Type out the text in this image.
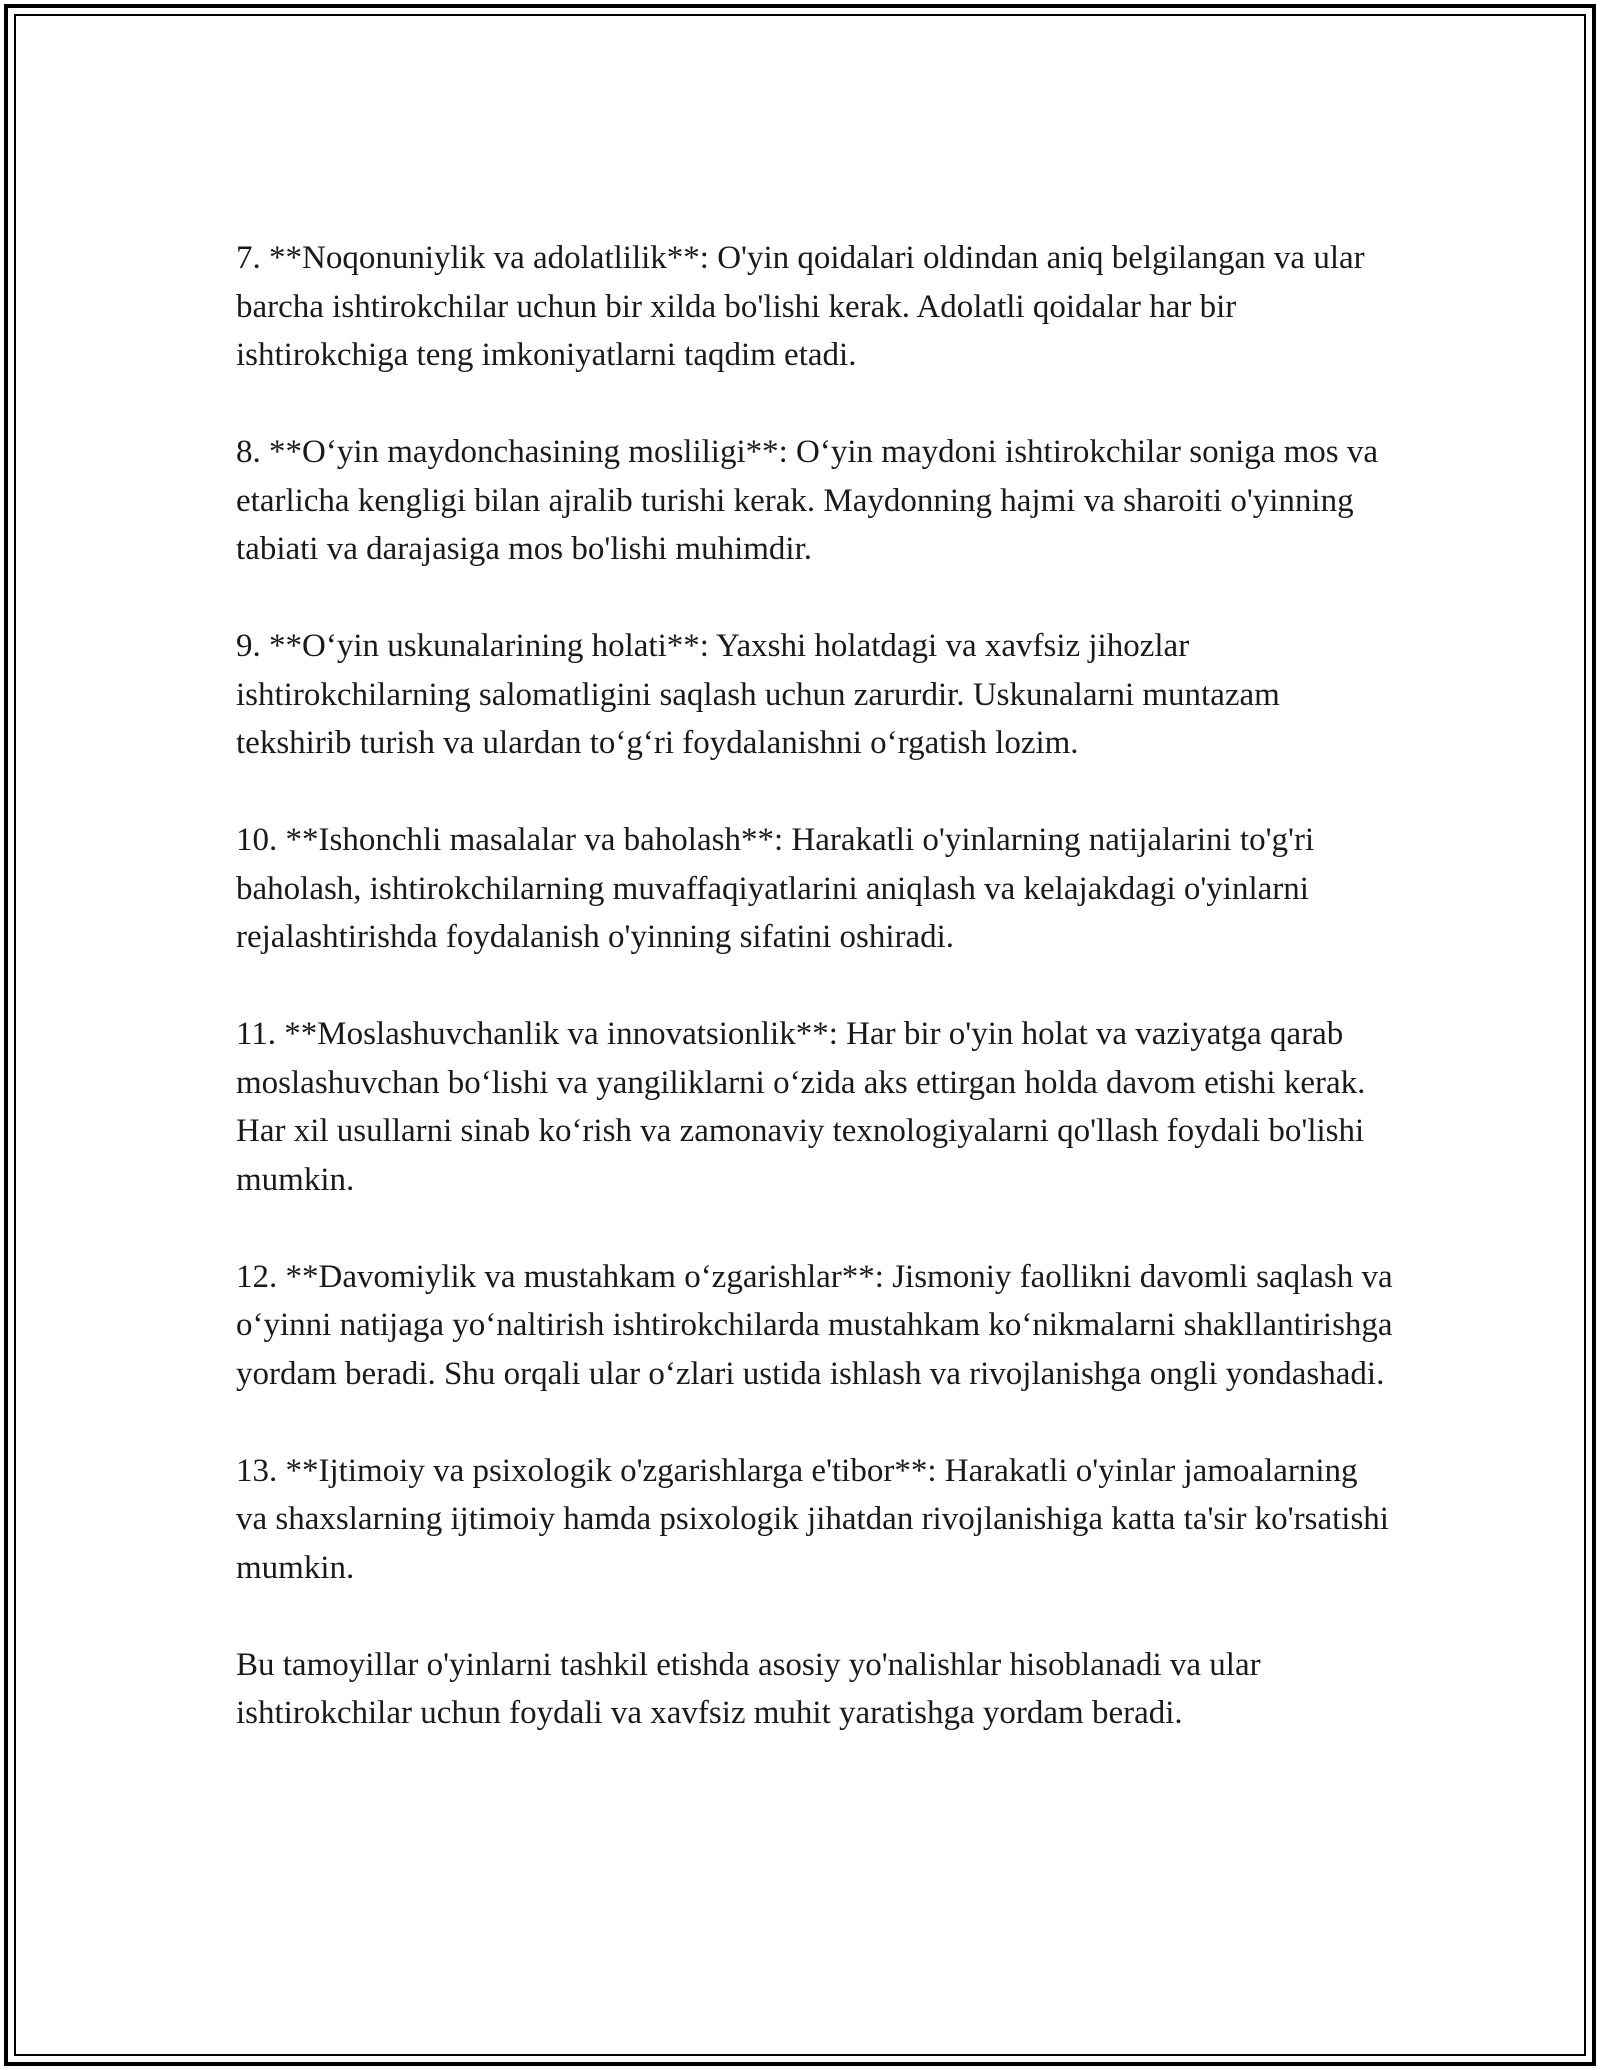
7. **Noqonuniylik va adolatlilik**: O'yin qoidalari oldindan aniq belgilangan va ular barcha ishtirokchilar uchun bir xilda bo'lishi kerak. Adolatli qoidalar har bir ishtirokchiga teng imkoniyatlarni taqdim etadi.

8. **O‘yin maydonchasining mosliligi**: O‘yin maydoni ishtirokchilar soniga mos va etarlicha kengligi bilan ajralib turishi kerak. Maydonning hajmi va sharoiti o'yinning tabiati va darajasiga mos bo'lishi muhimdir.

9. **O‘yin uskunalarining holati**: Yaxshi holatdagi va xavfsiz jihozlar ishtirokchilarning salomatligini saqlash uchun zarurdir. Uskunalarni muntazam tekshirib turish va ulardan to‘g‘ri foydalanishni o‘rgatish lozim.

10. **Ishonchli masalalar va baholash**: Harakatli o'yinlarning natijalarini to'g'ri baholash, ishtirokchilarning muvaffaqiyatlarini aniqlash va kelajakdagi o'yinlarni rejalashtirishda foydalanish o'yinning sifatini oshiradi.

11. **Moslashuvchanlik va innovatsionlik**: Har bir o'yin holat va vaziyatga qarab moslashuvchan bo‘lishi va yangiliklarni o‘zida aks ettirgan holda davom etishi kerak. Har xil usullarni sinab ko‘rish va zamonaviy texnologiyalarni qo'llash foydali bo'lishi mumkin.

12. **Davomiylik va mustahkam o‘zgarishlar**: Jismoniy faollikni davomli saqlash va o‘yinni natijaga yo‘naltirish ishtirokchilarda mustahkam ko‘nikmalarni shakllantirishga yordam beradi. Shu orqali ular o‘zlari ustida ishlash va rivojlanishga ongli yondashadi.

13. **Ijtimoiy va psixologik o'zgarishlarga e'tibor**: Harakatli o'yinlar jamoalarning va shaxslarning ijtimoiy hamda psixologik jihatdan rivojlanishiga katta ta'sir ko'rsatishi mumkin.

Bu tamoyillar o'yinlarni tashkil etishda asosiy yo'nalishlar hisoblanadi va ular ishtirokchilar uchun foydali va xavfsiz muhit yaratishga yordam beradi.
